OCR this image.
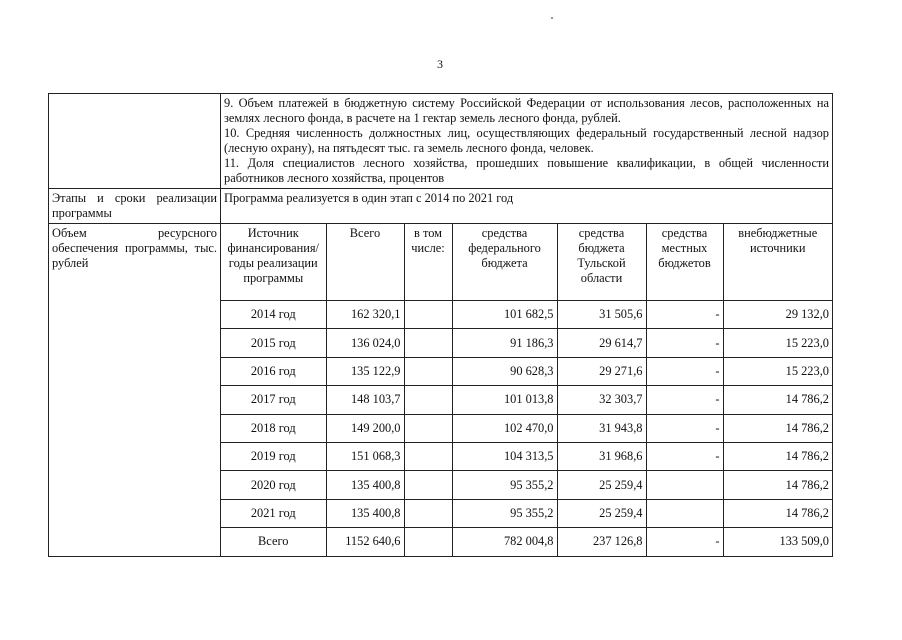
3

9. Объем платежей в бюджетную систему Российской Федерации от использования лесов, расположенных на землях лесного фонда, в расчете на 1 гектар земель лесного фонда, рублей.

10. Средняя численность должностных лиц, осуществляющих федеральный государственный лесной надзор (лесную охрану), на пятьдесят тыс. га земель лесного фонда, человек.

11. Доля специалистов лесного хозяйства, прошедших повышение квалификации, в общей численности работников лесного хозяйства, процентов

Этапы и сроки реализации программы	Программа реализуется в один этап с 2014 по 2021 год
Объем ресурсного обеспечения программы, тыс. рублей	
Источник финансирования/ годы реализации программы	Всего	в том числе:	средства федерального бюджета	средства бюджета Тульской области	средства местных бюджетов	внебюджетные источники
2014 год	162 320,1		101 682,5	31 505,6	-	29 132,0
2015 год	136 024,0		91 186,3	29 614,7	-	15 223,0
2016 год	135 122,9		90 628,3	29 271,6	-	15 223,0
2017 год	148 103,7		101 013,8	32 303,7	-	14 786,2
2018 год	149 200,0		102 470,0	31 943,8	-	14 786,2
2019 год	151 068,3		104 313,5	31 968,6	-	14 786,2
2020 год	135 400,8		95 355,2	25 259,4		14 786,2
2021 год	135 400,8		95 355,2	25 259,4		14 786,2
Всего	1152 640,6		782 004,8	237 126,8	-	133 509,0
